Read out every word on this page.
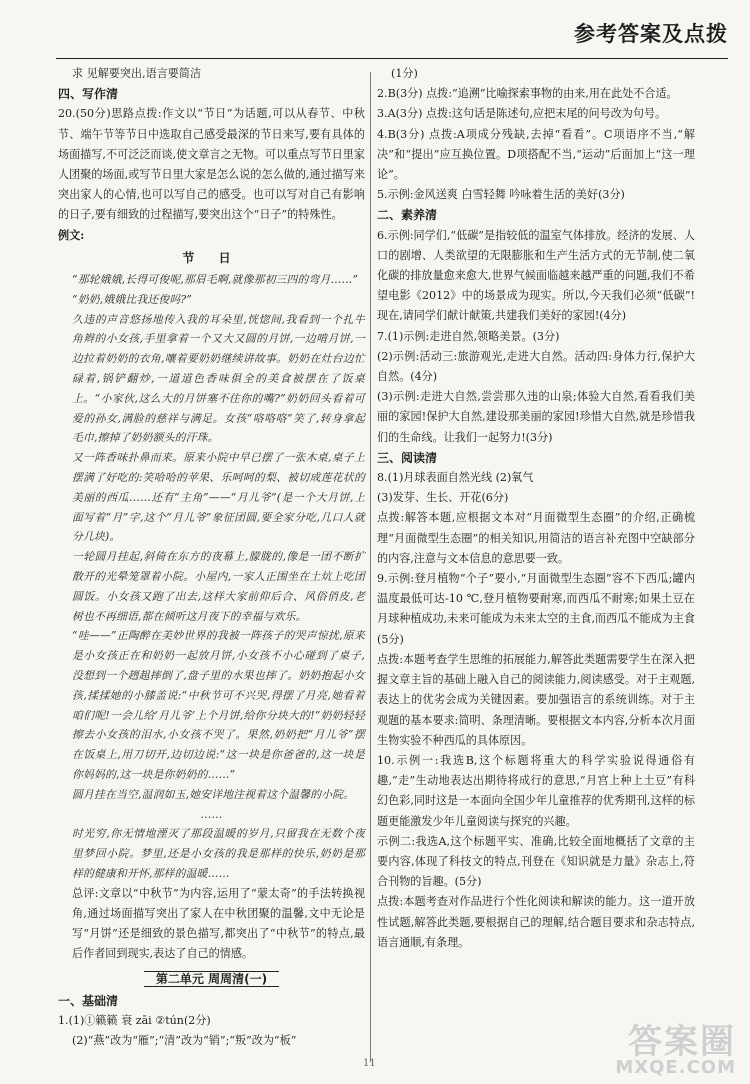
参考答案及点拨

求 见解要突出,语言要简洁

四、写作清

20.(50分)思路点拨:作文以“节日”为话题,可以从春节、中秋节、端午节等节日中选取自己感受最深的节日来写,要有具体的场面描写,不可泛泛而谈,使文章言之无物。可以重点写节日里家人团聚的场面,或写节日里大家是怎么说的怎么做的,通过描写来突出家人的心情,也可以写自己的感受。也可以写对自己有影响的日子,要有细致的过程描写,要突出这个“日子”的特殊性。

例文:
节 日

“那轮娥娥,长得可俊呢,那眉毛啊,就像那初三四的弯月……”

“奶奶,娥娥比我还俊吗?”

久违的声音悠扬地传入我的耳朵里,恍惚间,我看到一个扎牛角辫的小女孩,手里拿着一个又大又圆的月饼,一边啃月饼,一边拉着奶奶的衣角,嚷着要奶奶继续讲故事。奶奶在灶台边忙碌着,锅铲翻炒,一道道色香味俱全的美食被摆在了饭桌上。“小家伙,这么大的月饼塞不住你的嘴?”奶奶回头看着可爱的孙女,满脸的慈祥与满足。女孩“咯咯咯”笑了,转身拿起毛巾,擦掉了奶奶额头的汗珠。

又一阵香味扑鼻而来。原来小院中早已摆了一张木桌,桌子上摆满了好吃的:笑哈哈的苹果、乐呵呵的梨、被切成莲花状的美丽的西瓜……还有“主角”——“月儿爷”(是一个大月饼,上面写着“月”字,这个“月儿爷”象征团圆,要全家分吃,几口人就分几块)。

一轮圆月挂起,斜倚在东方的夜幕上,朦胧的,像是一团不断扩散开的光晕笼罩着小院。小屋内,一家人正围坐在土炕上吃团圆饭。小女孩又跑了出去,这样大家前仰后合、风俗俏皮,老树也不再细语,都在倾听这月夜下的幸福与欢乐。

“哇——”正陶醉在美妙世界的我被一阵孩子的哭声惊扰,原来是小女孩正在和奶奶一起放月饼,小女孩不小心碰到了桌子,没想到一个趔趄摔倒了,盘子里的水果也摔了。奶奶抱起小女孩,揉揉她的小膝盖说:“中秋节可不兴哭,得摆了月亮,她看着咱们呢!一会儿给‘月儿爷’上个月饼,给你分块大的!”奶奶轻轻擦去小女孩的泪水,小女孩不哭了。果然,奶奶把“月儿爷”摆在饭桌上,用刀切开,边切边说:“这一块是你爸爸的,这一块是你妈妈的,这一块是你奶奶的……”

圆月挂在当空,温润如玉,她安详地注视着这个温馨的小院。

……

时光穷,你无情地湮灭了那段温暖的岁月,只留我在无数个夜里梦回小院。梦里,还是小女孩的我是那样的快乐,奶奶是那样的健康和开怀,那样的温暖……

总评:文章以“中秋节”为内容,运用了“蒙太奇”的手法转换视角,通过场面描写突出了家人在中秋团聚的温馨,文中无论是写“月饼”还是细致的景色描写,都突出了“中秋节”的特点,最后作者回到现实,表达了自己的情感。

第二单元 周周清(一)
一、基础清

1.(1)①籁籁 衰 zāi ②tún(2分)

(2)“燕”改为“雁”;“清”改为“销”;“叛”改为“板”

(1分)

2.B(3分) 点拨:“追溯”比喻探索事物的由来,用在此处不合适。

3.A(3分) 点拨:这句话是陈述句,应把末尾的问号改为句号。

4.B(3分) 点拨:A项成分残缺,去掉“看看”。C项语序不当,“解决”和“提出”应互换位置。D项搭配不当,“运动”后面加上“这一理论”。

5.示例:金风送爽 白雪轻舞 吟咏着生活的美好(3分)

二、素养清

6.示例:同学们,“低碳”是指较低的温室气体排放。经济的发展、人口的剧增、人类欲望的无限膨胀和生产生活方式的无节制,使二氧化碳的排放量愈来愈大,世界气候面临越来越严重的问题,我们不希望电影《2012》中的场景成为现实。所以,今天我们必须“低碳”!现在,请同学们献计献策,共建我们美好的家园!(4分)

7.(1)示例:走进自然,领略美景。(3分)

(2)示例:活动三:旅游观光,走进大自然。活动四:身体力行,保护大自然。(4分)

(3)示例:走进大自然,尝尝那久违的山泉;体验大自然,看看我们美丽的家园!保护大自然,建设那美丽的家园!珍惜大自然,就是珍惜我们的生命线。让我们一起努力!(3分)

三、阅读清

8.(1)月球表面自然光线 (2)氧气

(3)发芽、生长、开花(6分)

点拨:解答本题,应根据文本对“月面微型生态圈”的介绍,正确梳理“月面微型生态圈”的相关知识,用简洁的语言补充图中空缺部分的内容,注意与文本信息的意思要一致。

9.示例:登月植物“个子”要小,“月面微型生态圈”容不下西瓜;罐内温度最低可达-10 ℃,登月植物要耐寒,而西瓜不耐寒;如果土豆在月球种植成功,未来可能成为未来太空的主食,而西瓜不能成为主食 (5分)

点拨:本题考查学生思维的拓展能力,解答此类题需要学生在深入把握文章主旨的基础上融入自己的阅读能力,阅读感受。对于主观题,表达上的优劣会成为关键因素。要加强语言的系统训练。对于主观题的基本要求:简明、条理清晰。要根据文本内容,分析本次月面生物实验不种西瓜的具体原因。

10.示例一:我选B,这个标题将重大的科学实验说得通俗有趣,“走”生动地表达出期待将成行的意思,“月宫上种上土豆”有科幻色彩,同时这是一本面向全国少年儿童推荐的优秀期刊,这样的标题更能激发少年儿童阅读与探究的兴趣。

示例二:我选A,这个标题平实、准确,比较全面地概括了文章的主要内容,体现了科技文的特点,刊登在《知识就是力量》杂志上,符合刊物的旨趣。(5分)

点拨:本题考查对作品进行个性化阅读和解读的能力。这一道开放性试题,解答此类题,要根据自己的理解,结合题目要求和杂志特点,语言通顺,有条理。

11
答案圈
MXQE.COM
